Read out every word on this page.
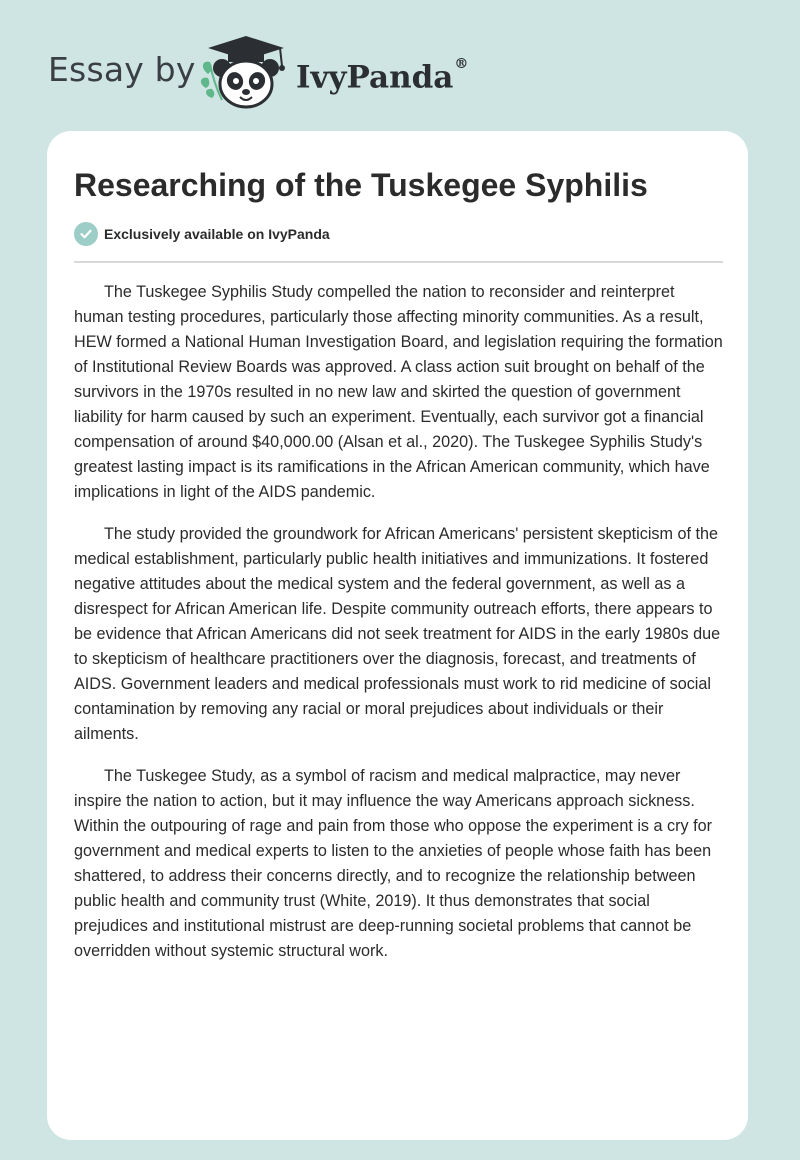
Essay by	IvyPanda®
Researching of the Tuskegee Syphilis
Exclusively available on IvyPanda

The Tuskegee Syphilis Study compelled the nation to reconsider and reinterpret human testing procedures, particularly those affecting minority communities. As a result, HEW formed a National Human Investigation Board, and legislation requiring the formation of Institutional Review Boards was approved. A class action suit brought on behalf of the survivors in the 1970s resulted in no new law and skirted the question of government liability for harm caused by such an experiment. Eventually, each survivor got a financial compensation of around $40,000.00 (Alsan et al., 2020). The Tuskegee Syphilis Study's greatest lasting impact is its ramifications in the African American community, which have implications in light of the AIDS pandemic.

The study provided the groundwork for African Americans' persistent skepticism of the medical establishment, particularly public health initiatives and immunizations. It fostered negative attitudes about the medical system and the federal government, as well as a disrespect for African American life. Despite community outreach efforts, there appears to be evidence that African Americans did not seek treatment for AIDS in the early 1980s due to skepticism of healthcare practitioners over the diagnosis, forecast, and treatments of AIDS. Government leaders and medical professionals must work to rid medicine of social contamination by removing any racial or moral prejudices about individuals or their ailments.

The Tuskegee Study, as a symbol of racism and medical malpractice, may never inspire the nation to action, but it may influence the way Americans approach sickness. Within the outpouring of rage and pain from those who oppose the experiment is a cry for government and medical experts to listen to the anxieties of people whose faith has been shattered, to address their concerns directly, and to recognize the relationship between public health and community trust (White, 2019). It thus demonstrates that social prejudices and institutional mistrust are deep-running societal problems that cannot be overridden without systemic structural work.
